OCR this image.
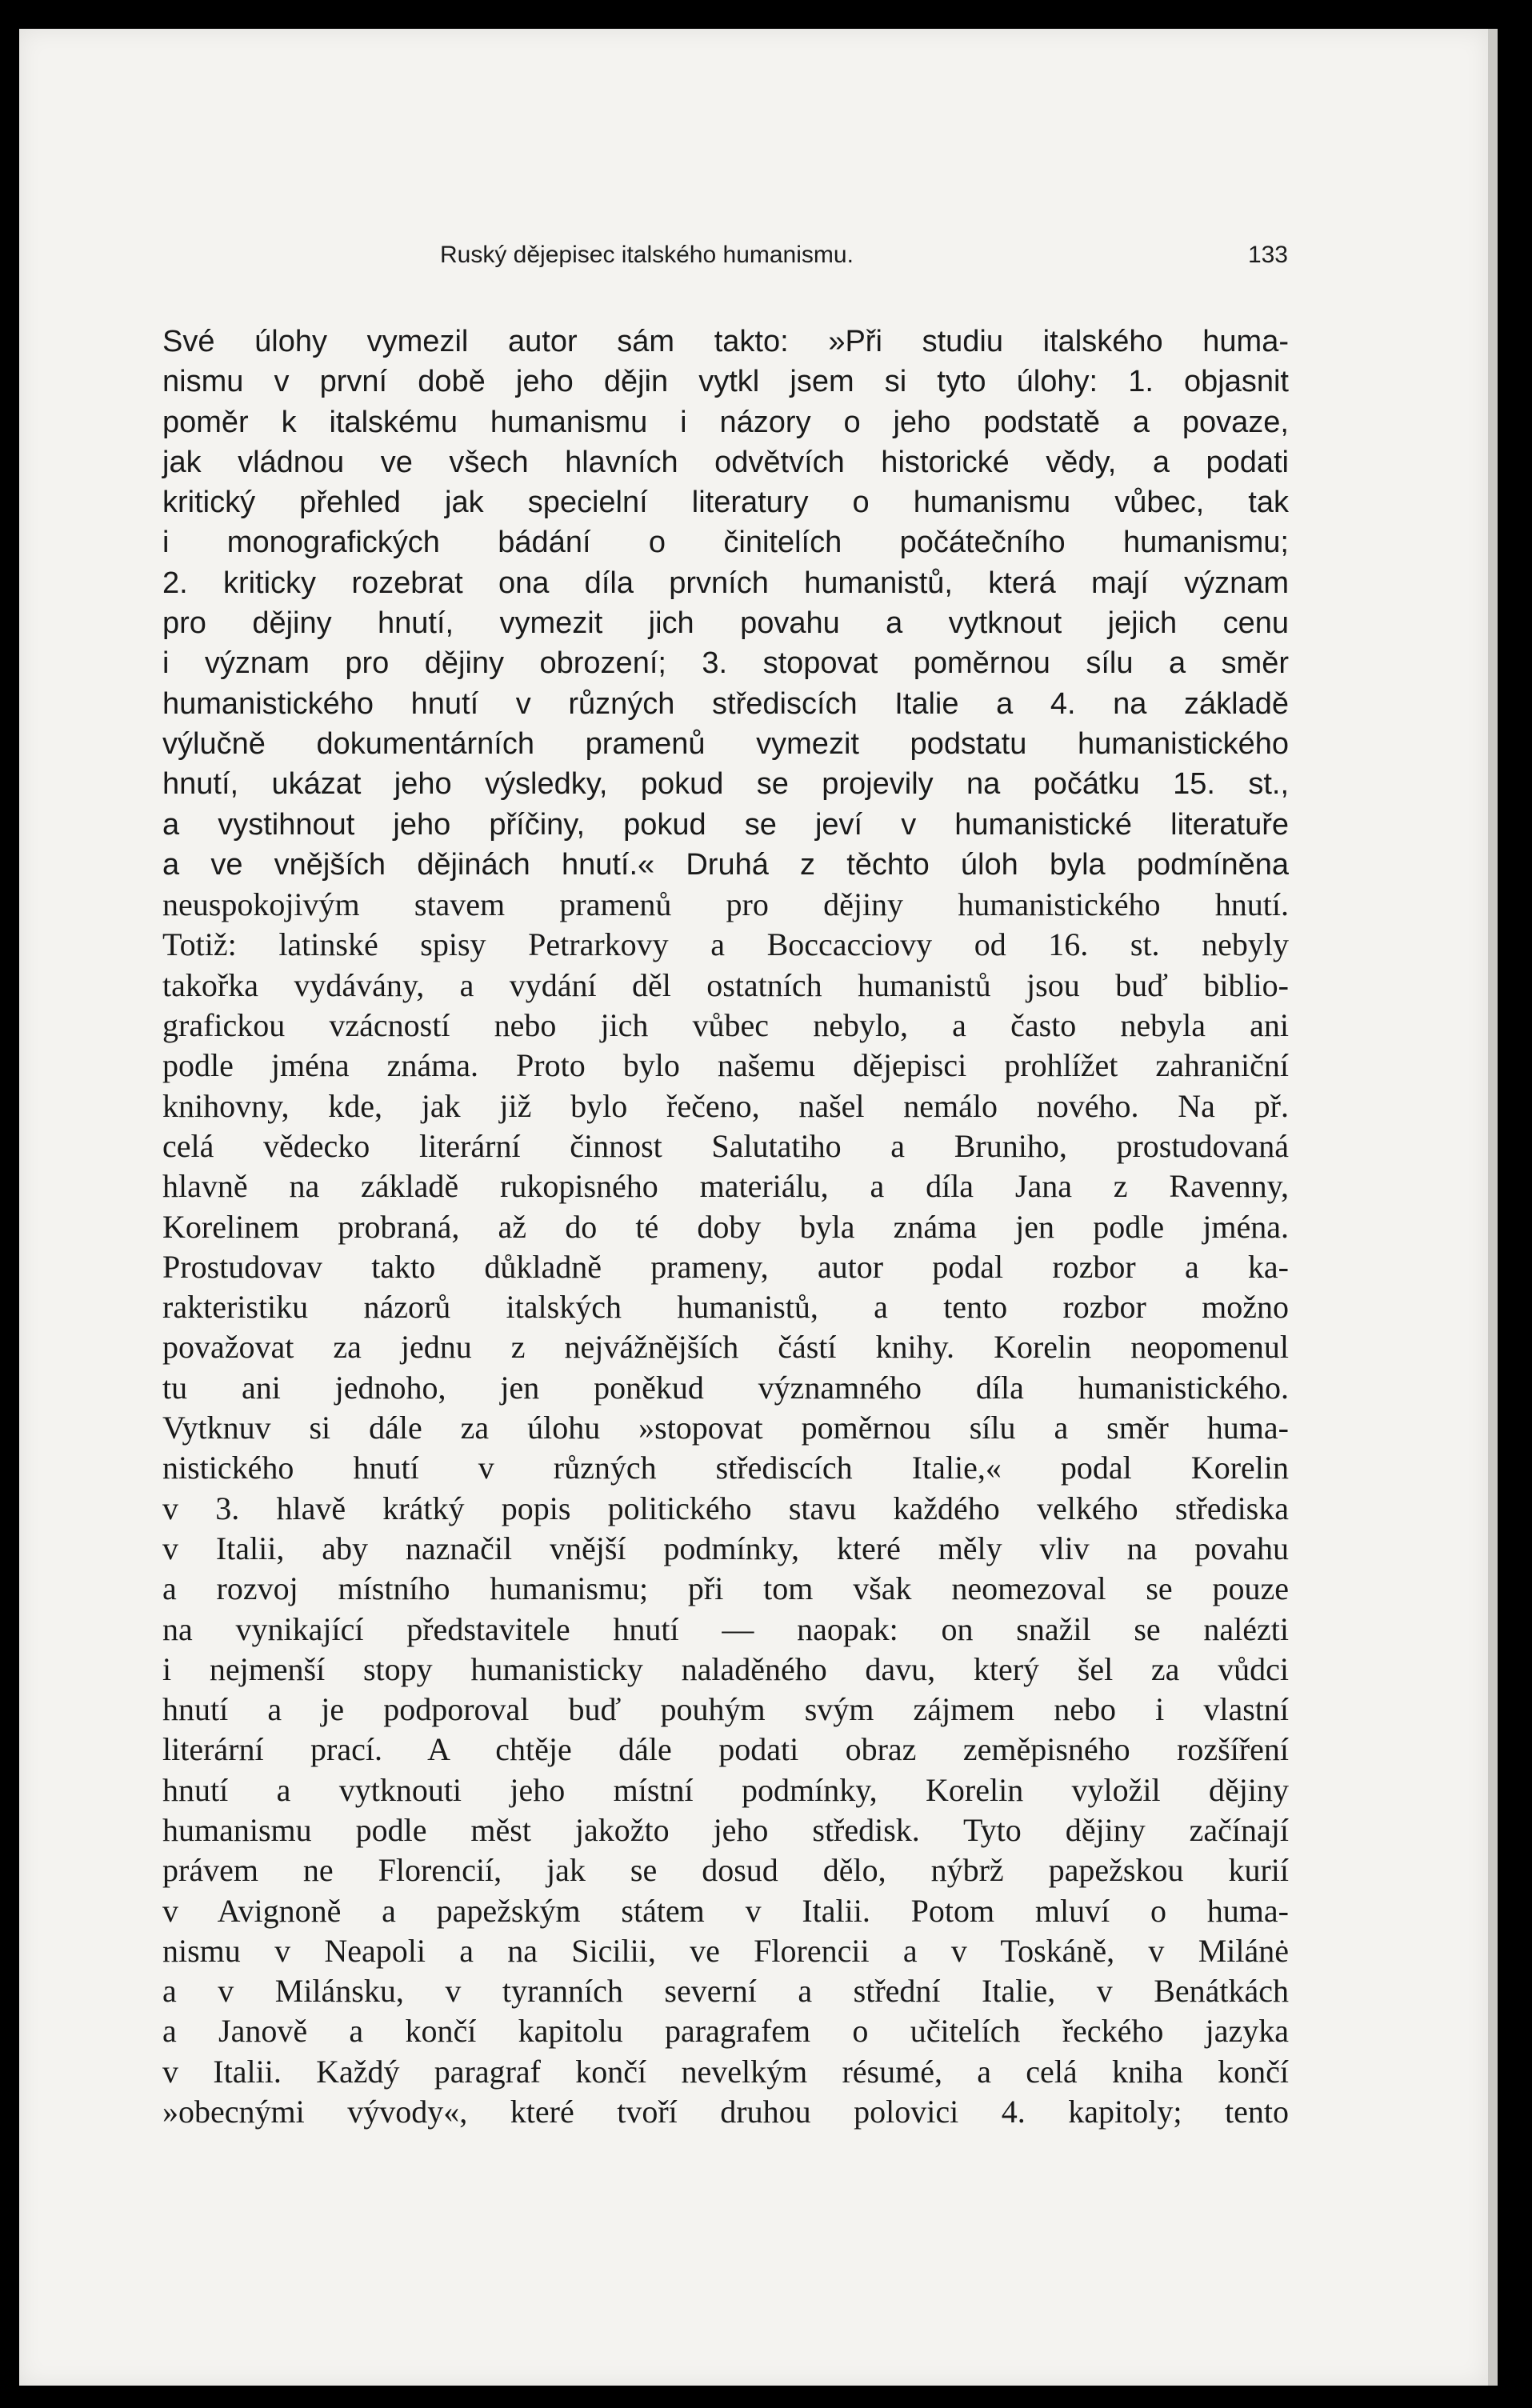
Ruský dějepisec italského humanismu.	133
Své úlohy vymezil autor sám takto: »Při studiu italského huma-
nismu v první době jeho dějin vytkl jsem si tyto úlohy: 1. objasnit
poměr k italskému humanismu i názory o jeho podstatě a povaze,
jak vládnou ve všech hlavních odvětvích historické vědy, a podati
kritický přehled jak specielní literatury o humanismu vůbec, tak
i monografických bádání o činitelích počátečního humanismu;
2. kriticky rozebrat ona díla prvních humanistů, která mají význam
pro dějiny hnutí, vymezit jich povahu a vytknout jejich cenu
i význam pro dějiny obrození; 3. stopovat poměrnou sílu a směr
humanistického hnutí v různých střediscích Italie a 4. na základě
výlučně dokumentárních pramenů vymezit podstatu humanistického
hnutí, ukázat jeho výsledky, pokud se projevily na počátku 15. st.,
a vystihnout jeho příčiny, pokud se jeví v humanistické literatuře
a ve vnějších dějinách hnutí.« Druhá z těchto úloh byla podmíněna
neuspokojivým stavem pramenů pro dějiny humanistického hnutí.
Totiž: latinské spisy Petrarkovy a Boccacciovy od 16. st. nebyly
takořka vydávány, a vydání děl ostatních humanistů jsou buď biblio-
grafickou vzácností nebo jich vůbec nebylo, a často nebyla ani
podle jména známa. Proto bylo našemu dějepisci prohlížet zahraniční
knihovny, kde, jak již bylo řečeno, našel nemálo nového. Na př.
celá vědecko literární činnost Salutatiho a Bruniho, prostudovaná
hlavně na základě rukopisného materiálu, a díla Jana z Ravenny,
Korelinem probraná, až do té doby byla známa jen podle jména.
Prostudovav takto důkladně prameny, autor podal rozbor a ka-
rakteristiku názorů italských humanistů, a tento rozbor možno
považovat za jednu z nejvážnějších částí knihy. Korelin neopomenul
tu ani jednoho, jen poněkud významného díla humanistického.
Vytknuv si dále za úlohu »stopovat poměrnou sílu a směr huma-
nistického hnutí v různých střediscích Italie,« podal Korelin
v 3. hlavě krátký popis politického stavu každého velkého střediska
v Italii, aby naznačil vnější podmínky, které měly vliv na povahu
a rozvoj místního humanismu; při tom však neomezoval se pouze
na vynikající představitele hnutí — naopak: on snažil se nalézti
i nejmenší stopy humanisticky naladěného davu, který šel za vůdci
hnutí a je podporoval buď pouhým svým zájmem nebo i vlastní
literární prací. A chtěje dále podati obraz zeměpisného rozšíření
hnutí a vytknouti jeho místní podmínky, Korelin vyložil dějiny
humanismu podle měst jakožto jeho středisk. Tyto dějiny začínají
právem ne Florencií, jak se dosud dělo, nýbrž papežskou kurií
v Avignoně a papežským státem v Italii. Potom mluví o huma-
nismu v Neapoli a na Sicilii, ve Florencii a v Toskáně, v Milánė
a v Milánsku, v tyranních severní a střední Italie, v Benátkách
a Janově a končí kapitolu paragrafem o učitelích řeckého jazyka
v Italii. Každý paragraf končí nevelkým résumé, a celá kniha končí
»obecnými vývody«, které tvoří druhou polovici 4. kapitoly; tento
